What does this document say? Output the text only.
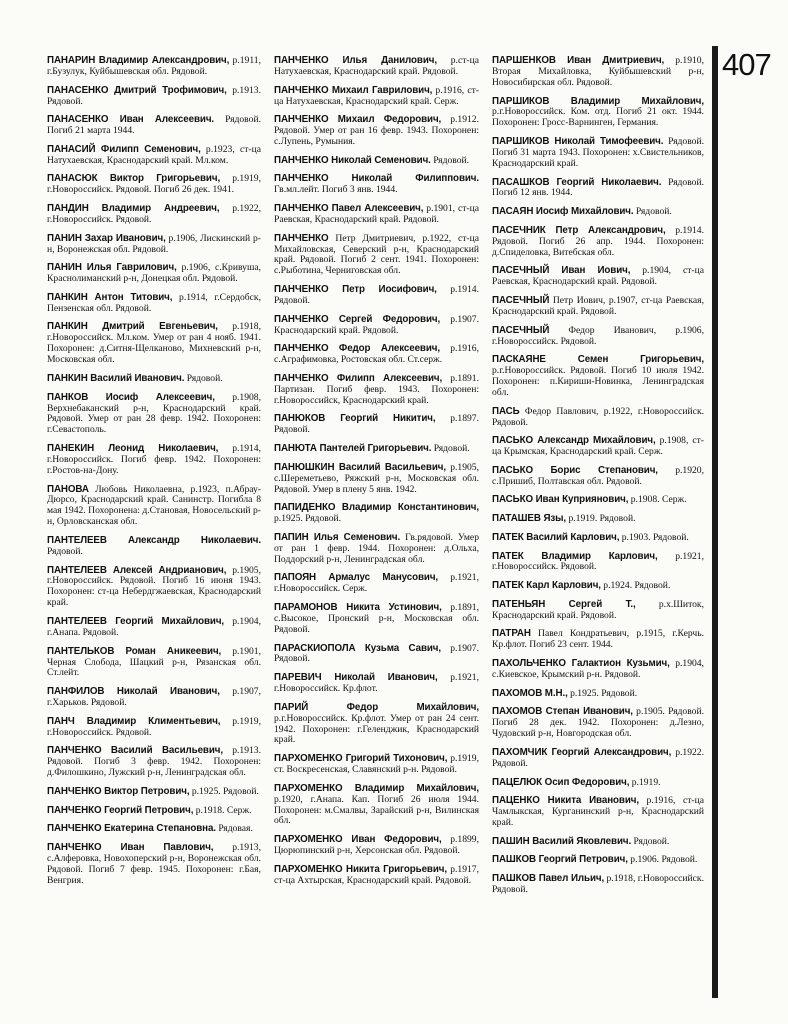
ПАНАРИН Владимир Александрович, р.1911, г.Бузулук, Куйбышевская обл. Рядовой.

ПАНАСЕНКО Дмитрий Трофимович, р.1913. Рядовой.

ПАНАСЕНКО Иван Алексеевич. Рядовой. Погиб 21 марта 1944.

ПАНАСИЙ Филипп Семенович, р.1923, ст-ца Натухаевская, Краснодарский край. Мл.ком.

ПАНАСЮК Виктор Григорьевич, р.1919, г.Новороссийск. Рядовой. Погиб 26 дек. 1941.

ПАНДИН Владимир Андреевич, р.1922, г.Новороссийск. Рядовой.

ПАНИН Захар Иванович, р.1906, Лискинский р-н, Воронежская обл. Рядовой.

ПАНИН Илья Гаврилович, р.1906, с.Кривуша, Краснолиманский р-н, Донецкая обл. Рядовой.

ПАНКИН Антон Титович, р.1914, г.Сердобск, Пензенская обл. Рядовой.

ПАНКИН Дмитрий Евгеньевич, р.1918, г.Новороссийск. Мл.ком. Умер от ран 4 нояб. 1941. Похоронен: д.Ситня-Щелканово, Михневский р-н, Московская обл.

ПАНКИН Василий Иванович. Рядовой.

ПАНКОВ Иосиф Алексеевич, р.1908, Верхнебаканский р-н, Краснодарский край. Рядовой. Умер от ран 28 февр. 1942. Похоронен: г.Севастополь.

ПАНЕКИН Леонид Николаевич, р.1914, г.Новороссийск. Погиб февр. 1942. Похоронен: г.Ростов-на-Дону.

ПАНОВА Любовь Николаевна, р.1923, п.Абрау-Дюрсо, Краснодарский край. Санинстр. Погибла 8 мая 1942. Похоронена: д.Становая, Новосельский р-н, Орловсканская обл.

ПАНТЕЛЕЕВ Александр Николаевич. Рядовой.

ПАНТЕЛЕЕВ Алексей Андрианович, р.1905, г.Новороссийск. Рядовой. Погиб 16 июня 1943. Похоронен: ст-ца Небердгжаевская, Краснодарский край.

ПАНТЕЛЕЕВ Георгий Михайлович, р.1904, г.Анапа. Рядовой.

ПАНТЕЛЬКОВ Роман Аникеевич, р.1901, Черная Слобода, Шацкий р-н, Рязанская обл. Ст.лейт.

ПАНФИЛОВ Николай Иванович, р.1907, г.Харьков. Рядовой.

ПАНЧ Владимир Климентьевич, р.1919, г.Новороссийск. Рядовой.

ПАНЧЕНКО Василий Васильевич, р.1913. Рядовой. Погиб 3 февр. 1942. Похоронен: д.Филошкино, Лужский р-н, Ленинградская обл.

ПАНЧЕНКО Виктор Петрович, р.1925. Рядовой.

ПАНЧЕНКО Георгий Петрович, р.1918. Серж.

ПАНЧЕНКО Екатерина Степановна. Рядовая.

ПАНЧЕНКО Иван Павлович, р.1913, с.Алферовка, Новохоперский р-н, Воронежская обл. Рядовой. Погиб 7 февр. 1945. Похоронен: г.Бая, Венгрия.

ПАНЧЕНКО Илья Данилович, р.ст-ца Натухаевская, Краснодарский край. Рядовой.

ПАНЧЕНКО Михаил Гаврилович, р.1916, ст-ца Натухаевская, Краснодарский край. Серж.

ПАНЧЕНКО Михаил Федорович, р.1912. Рядовой. Умер от ран 16 февр. 1943. Похоронен: с.Лупень, Румыния.

ПАНЧЕНКО Николай Семенович. Рядовой.

ПАНЧЕНКО Николай Филиппович. Гв.мл.лейт. Погиб 3 янв. 1944.

ПАНЧЕНКО Павел Алексеевич, р.1901, ст-ца Раевская, Краснодарский край. Рядовой.

ПАНЧЕНКО Петр Дмитриевич, р.1922, ст-ца Михайловская, Северский р-н, Краснодарский край. Рядовой. Погиб 2 сент. 1941. Похоронен: с.Рыботина, Черниговская обл.

ПАНЧЕНКО Петр Иосифович, р.1914. Рядовой.

ПАНЧЕНКО Сергей Федорович, р.1907. Краснодарский край. Рядовой.

ПАНЧЕНКО Федор Алексеевич, р.1916, с.Аграфимовка, Ростовская обл. Ст.серж.

ПАНЧЕНКО Филипп Алексеевич, р.1891. Партизан. Погиб февр. 1943. Похоронен: г.Новороссийск, Краснодарский край.

ПАНЮКОВ Георгий Никитич, р.1897. Рядовой.

ПАНЮТА Пантелей Григорьевич. Рядовой.

ПАНЮШКИН Василий Васильевич, р.1905, с.Шереметьево, Ряжский р-н, Московская обл. Рядовой. Умер в плену 5 янв. 1942.

ПАПИДЕНКО Владимир Константинович, р.1925. Рядовой.

ПАПИН Илья Семенович. Гв.рядовой. Умер от ран 1 февр. 1944. Похоронен: д.Ольха, Поддорский р-н, Ленинградская обл.

ПАПОЯН Армалус Манусович, р.1921, г.Новороссийск. Серж.

ПАРАМОНОВ Никита Устинович, р.1891, с.Высокое, Пронский р-н, Московская обл. Рядовой.

ПАРАСКИОПОЛА Кузьма Савич, р.1907. Рядовой.

ПАРЕВИЧ Николай Иванович, р.1921, г.Новороссийск. Кр.флот.

ПАРИЙ Федор Михайлович, р.г.Новороссийск. Кр.флот. Умер от ран 24 сент. 1942. Похоронен: г.Геленджик, Краснодарский край.

ПАРХОМЕНКО Григорий Тихонович, р.1919, ст. Воскресенская, Славянский р-н. Рядовой.

ПАРХОМЕНКО Владимир Михайлович, р.1920, г.Анапа. Кап. Погиб 26 июля 1944. Похоронен: м.Смалвы, Зарайский р-н, Вилинская обл.

ПАРХОМЕНКО Иван Федорович, р.1899, Цюрюпинский р-н, Херсонская обл. Рядовой.

ПАРХОМЕНКО Никита Григорьевич, р.1917, ст-ца Ахтырская, Краснодарский край. Рядовой.

ПАРШЕНКОВ Иван Дмитриевич, р.1910, Вторая Михайловка, Куйбышевский р-н, Новосибирская обл. Рядовой.

ПАРШИКОВ Владимир Михайлович, р.г.Новороссийск. Ком. отд. Погиб 21 окт. 1944. Похоронен: Гросс-Варнинген, Германия.

ПАРШИКОВ Николай Тимофеевич. Рядовой. Погиб 31 марта 1943. Похоронен: х.Свистельников, Краснодарский край.

ПАСАШКОВ Георгий Николаевич. Рядовой. Погиб 12 янв. 1944.

ПАСАЯН Иосиф Михайлович. Рядовой.

ПАСЕЧНИК Петр Александрович, р.1914. Рядовой. Погиб 26 апр. 1944. Похоронен: д.Спиделовка, Витебская обл.

ПАСЕЧНЫЙ Иван Иович, р.1904, ст-ца Раевская, Краснодарский край. Рядовой.

ПАСЕЧНЫЙ Петр Иович, р.1907, ст-ца Раевская, Краснодарский край. Рядовой.

ПАСЕЧНЫЙ Федор Иванович, р.1906, г.Новороссийск. Рядовой.

ПАСКАЯНЕ Семен Григорьевич, р.г.Новороссийск. Рядовой. Погиб 10 июля 1942. Похоронен: п.Кириши-Новинка, Ленинградская обл.

ПАСЬ Федор Павлович, р.1922, г.Новороссийск. Рядовой.

ПАСЬКО Александр Михайлович, р.1908, ст-ца Крымская, Краснодарский край. Серж.

ПАСЬКО Борис Степанович, р.1920, с.Пришиб, Полтавская обл. Рядовой.

ПАСЬКО Иван Куприянович, р.1908. Серж.

ПАТАШЕВ Язы, р.1919. Рядовой.

ПАТЕК Василий Карлович, р.1903. Рядовой.

ПАТЕК Владимир Карлович, р.1921, г.Новороссийск. Рядовой.

ПАТЕК Карл Карлович, р.1924. Рядовой.

ПАТЕНЬЯН Сергей Т., р.х.Шиток, Краснодарский край. Рядовой.

ПАТРАН Павел Кондратьевич, р.1915, г.Керчь. Кр.флот. Погиб 23 сент. 1944.

ПАХОЛЬЧЕНКО Галактион Кузьмич, р.1904, с.Киевское, Крымский р-н. Рядовой.

ПАХОМОВ М.Н., р.1925. Рядовой.

ПАХОМОВ Степан Иванович, р.1905. Рядовой. Погиб 28 дек. 1942. Похоронен: д.Лезно, Чудовский р-н, Новгородская обл.

ПАХОМЧИК Георгий Александрович, р.1922. Рядовой.

ПАЦЕЛЮК Осип Федорович, р.1919.

ПАЦЕНКО Никита Иванович, р.1916, ст-ца Чамлыкская, Курганинский р-н, Краснодарский край.

ПАШИН Василий Яковлевич. Рядовой.

ПАШКОВ Георгий Петрович, р.1906. Рядовой.

ПАШКОВ Павел Ильич, р.1918, г.Новороссийск. Рядовой.

407
